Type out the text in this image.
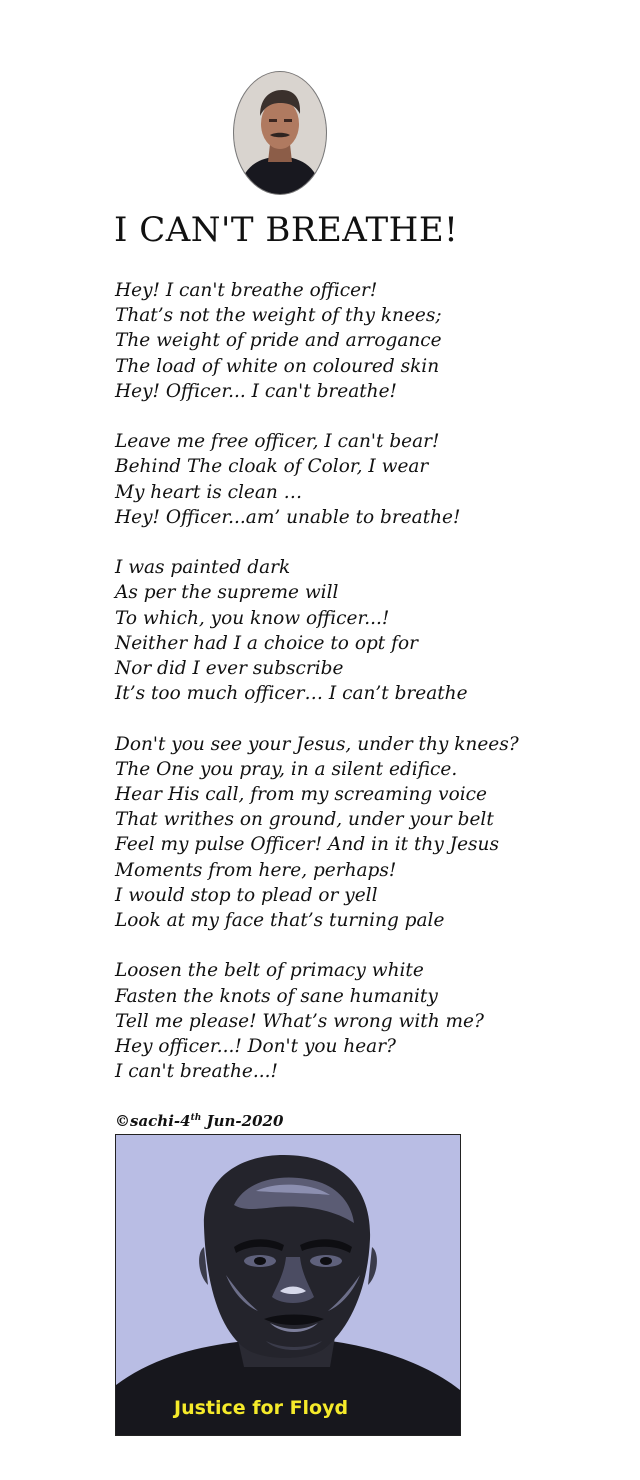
I CAN'T BREATHE!
Hey! I can't breathe officer!
That’s not the weight of thy knees;
The weight of pride and arrogance
The load of white on coloured skin
Hey! Officer... I can't breathe!
Leave me free officer, I can't bear!
Behind The cloak of Color, I wear
My heart is clean …
Hey! Officer...am’ unable to breathe!
I was painted dark
As per the supreme will
To which, you know officer...!
Neither had I a choice to opt for
Nor did I ever subscribe
It’s too much officer… I can’t breathe
Don't you see your Jesus, under thy knees?
The One you pray, in a silent edifice.
Hear His call, from my screaming voice
That writhes on ground, under your belt
Feel my pulse Officer! And in it thy Jesus
Moments from here, perhaps!
I would stop to plead or yell
Look at my face that’s turning pale
Loosen the belt of primacy white
Fasten the knots of sane humanity
Tell me please! What’s wrong with me?
Hey officer...! Don't you hear?
I can't breathe...!
©sachi-4th Jun-2020
Justice for Floyd
